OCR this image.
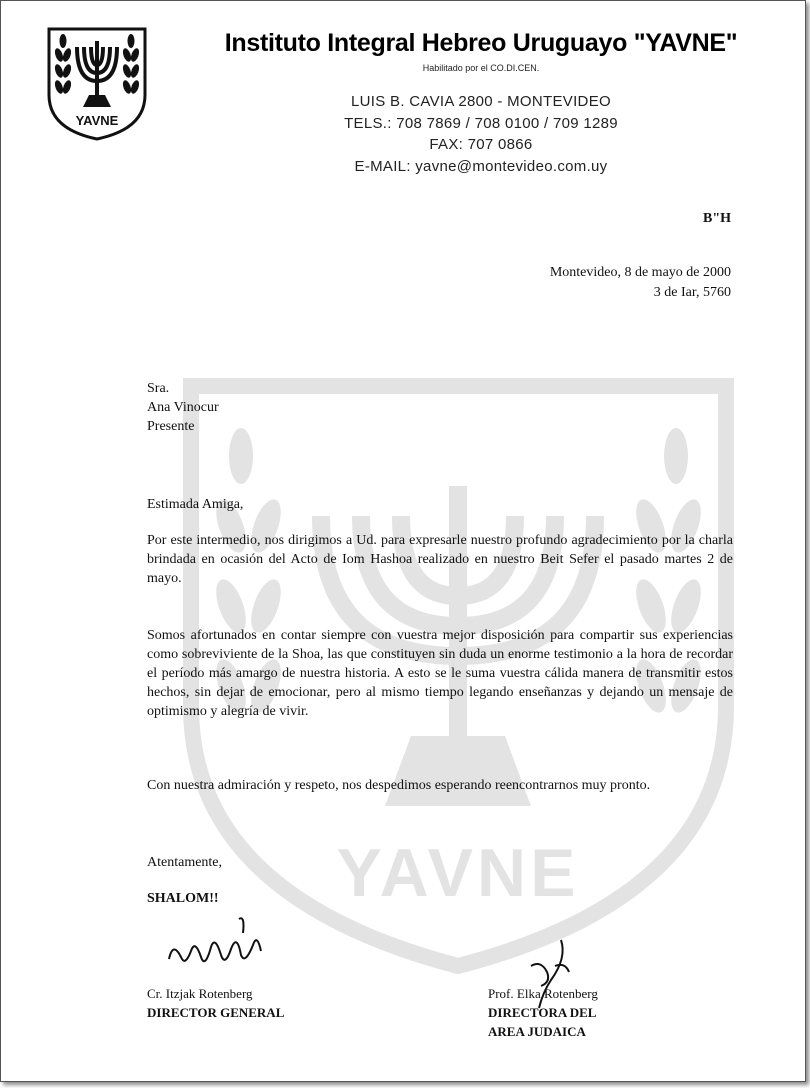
YAVNE
YAVNE
Instituto Integral Hebreo Uruguayo "YAVNE"
Habilitado por el CO.DI.CEN.
LUIS B. CAVIA 2800 - MONTEVIDEO
TELS.: 708 7869 / 708 0100 / 709 1289
FAX: 707 0866
E-MAIL: yavne@montevideo.com.uy
B"H
Montevideo, 8 de mayo de 2000
3 de Iar, 5760
Sra.
Ana Vinocur
Presente
Estimada Amiga,
Por este intermedio, nos dirigimos a Ud. para expresarle nuestro profundo agradecimiento por la charla brindada en ocasión del Acto de Iom Hashoa realizado en nuestro Beit Sefer el pasado martes 2 de mayo.
Somos afortunados en contar siempre con vuestra mejor disposición para compartir sus experiencias como sobreviviente de la Shoa, las que constituyen sin duda un enorme testimonio a la hora de recordar el período más amargo de nuestra historia. A esto se le suma vuestra cálida manera de transmitir estos hechos, sin dejar de emocionar, pero al mismo tiempo legando enseñanzas y dejando un mensaje de optimismo y alegría de vivir.
Con nuestra admiración y respeto, nos despedimos esperando reencontrarnos muy pronto.
Atentamente,
SHALOM!!
Cr. Itzjak Rotenberg
DIRECTOR GENERAL
Prof. Elka Rotenberg
DIRECTORA DEL
AREA JUDAICA
